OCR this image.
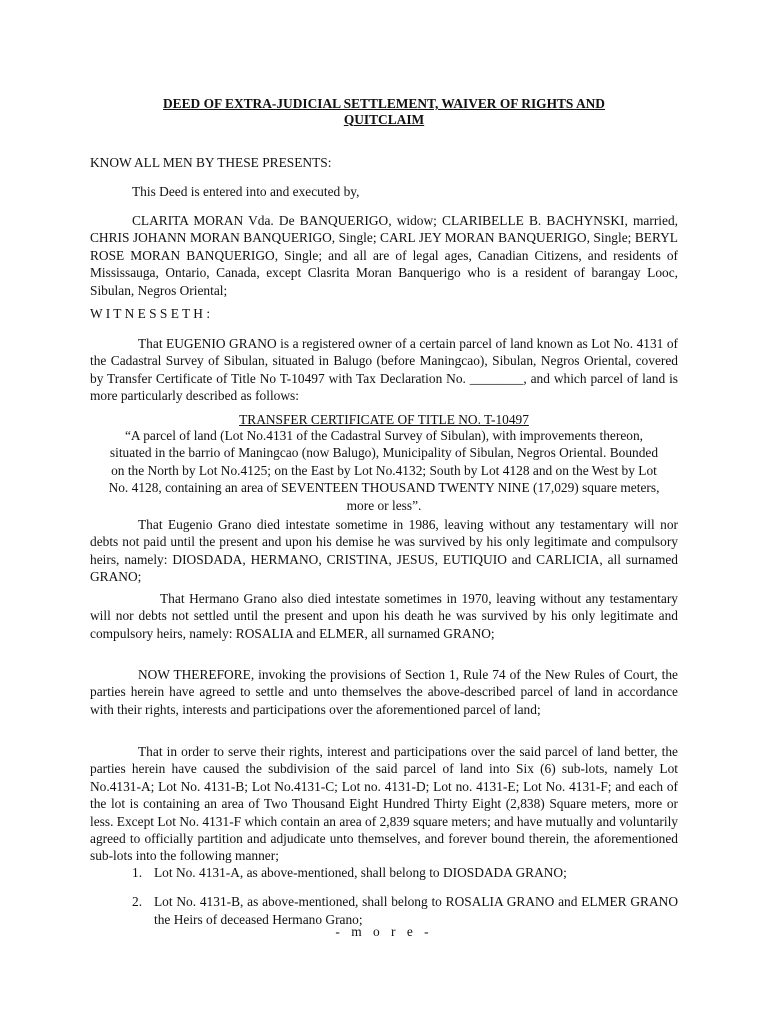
DEED OF EXTRA-JUDICIAL SETTLEMENT, WAIVER OF RIGHTS AND
QUITCLAIM

KNOW ALL MEN BY THESE PRESENTS:

This Deed is entered into and executed by,

CLARITA MORAN Vda. De BANQUERIGO, widow; CLARIBELLE B. BACHYNSKI, married, CHRIS JOHANN MORAN BANQUERIGO, Single; CARL JEY MORAN BANQUERIGO, Single; BERYL ROSE MORAN BANQUERIGO, Single; and all are of legal ages, Canadian Citizens, and residents of Mississauga, Ontario, Canada, except Clasrita Moran Banquerigo who is a resident of barangay Looc, Sibulan, Negros Oriental;

W I T N E S S E T H :

That EUGENIO GRANO is a registered owner of a certain parcel of land known as Lot No. 4131 of the Cadastral Survey of Sibulan, situated in Balugo (before Maningcao), Sibulan, Negros Oriental, covered by Transfer Certificate of Title No T-10497 with Tax Declaration No. ________, and which parcel of land is more particularly described as follows:

TRANSFER CERTIFICATE OF TITLE NO. T-10497

“A parcel of land (Lot No.4131 of the Cadastral Survey of Sibulan), with improvements thereon, situated in the barrio of Maningcao (now Balugo), Municipality of Sibulan, Negros Oriental. Bounded on the North by Lot No.4125; on the East by Lot No.4132; South by Lot 4128 and on the West by Lot No. 4128, containing an area of SEVENTEEN THOUSAND TWENTY NINE (17,029) square meters, more or less”.

That Eugenio Grano died intestate sometime in 1986, leaving without any testamentary will nor debts not paid until the present and upon his demise he was survived by his only legitimate and compulsory heirs, namely: DIOSDADA, HERMANO, CRISTINA, JESUS, EUTIQUIO and CARLICIA, all surnamed GRANO;

That Hermano Grano also died intestate sometimes in 1970, leaving without any testamentary will nor debts not settled until the present and upon his death he was survived by his only legitimate and compulsory heirs, namely: ROSALIA and ELMER, all surnamed GRANO;

NOW THEREFORE, invoking the provisions of Section 1, Rule 74 of the New Rules of Court, the parties herein have agreed to settle and unto themselves the above-described parcel of land in accordance with their rights, interests and participations over the aforementioned parcel of land;

That in order to serve their rights, interest and participations over the said parcel of land better, the parties herein have caused the subdivision of the said parcel of land into Six (6) sub-lots, namely Lot No.4131-A; Lot No. 4131-B; Lot No.4131-C; Lot no. 4131-D; Lot no. 4131-E; Lot No. 4131-F; and each of the lot is containing an area of Two Thousand Eight Hundred Thirty Eight (2,838) Square meters, more or less. Except Lot No. 4131-F which contain an area of 2,839 square meters; and have mutually and voluntarily agreed to officially partition and adjudicate unto themselves, and forever bound therein, the aforementioned sub-lots into the following manner;

1. Lot No. 4131-A, as above-mentioned, shall belong to DIOSDADA GRANO;
2. Lot No. 4131-B, as above-mentioned, shall belong to ROSALIA GRANO and ELMER GRANO the Heirs of deceased Hermano Grano;
- m o r e -
